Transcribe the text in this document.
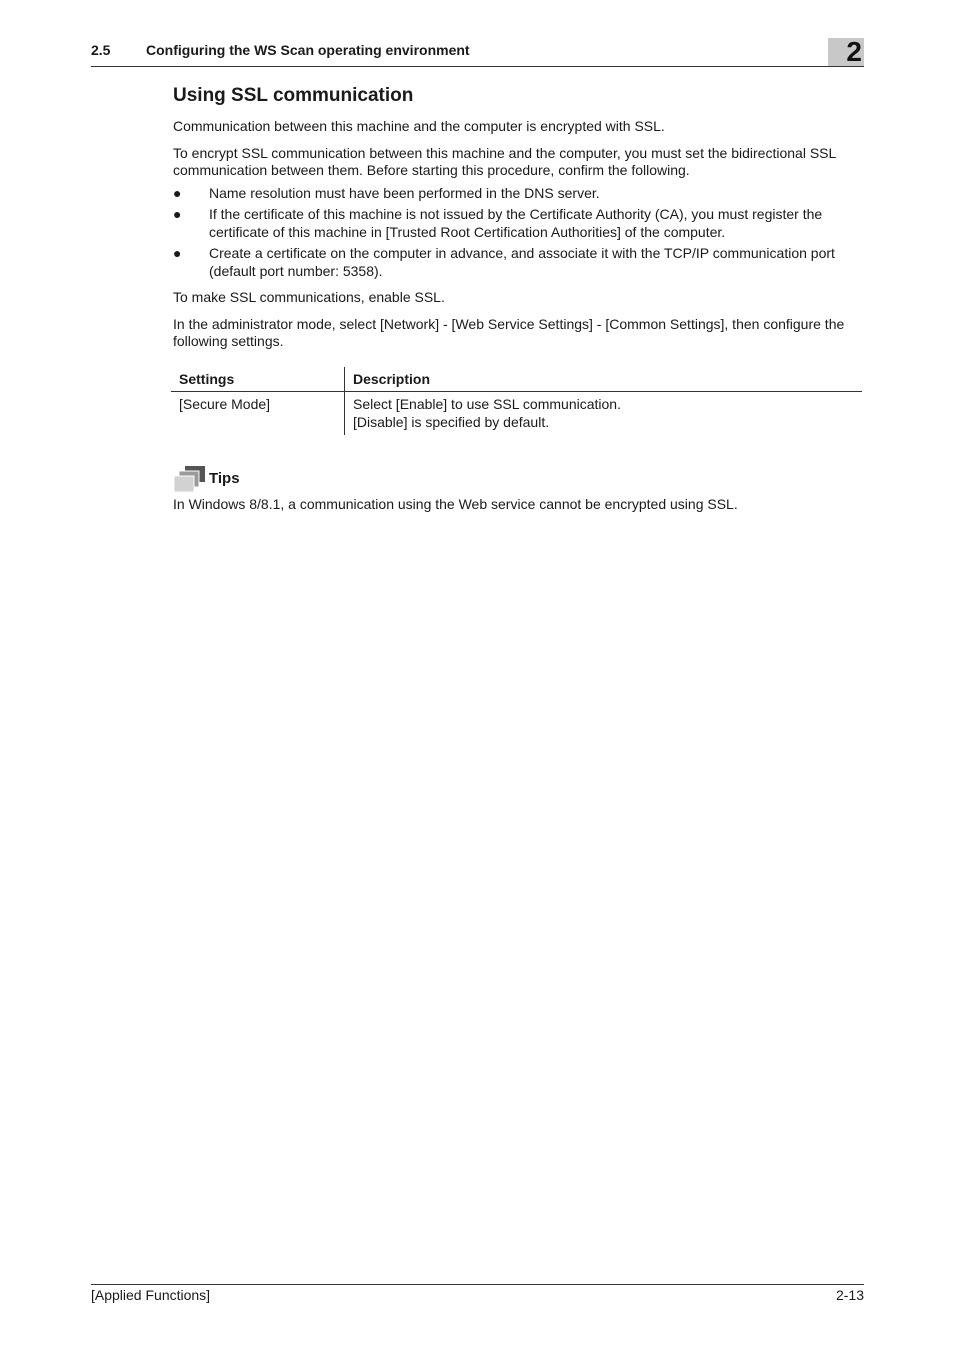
2.5	Configuring the WS Scan operating environment	2
Using SSL communication

Communication between this machine and the computer is encrypted with SSL.

To encrypt SSL communication between this machine and the computer, you must set the bidirectional SSL communication between them. Before starting this procedure, confirm the following.

● Name resolution must have been performed in the DNS server.
● If the certificate of this machine is not issued by the Certificate Authority (CA), you must register the certificate of this machine in [Trusted Root Certification Authorities] of the computer.
● Create a certificate on the computer in advance, and associate it with the TCP/IP communication port (default port number: 5358).

To make SSL communications, enable SSL.

In the administrator mode, select [Network] - [Web Service Settings] - [Common Settings], then configure the following settings.

Settings	Description
[Secure Mode]	Select [Enable] to use SSL communication.
[Disable] is specified by default.
Tips

In Windows 8/8.1, a communication using the Web service cannot be encrypted using SSL.

[Applied Functions]	2-13
